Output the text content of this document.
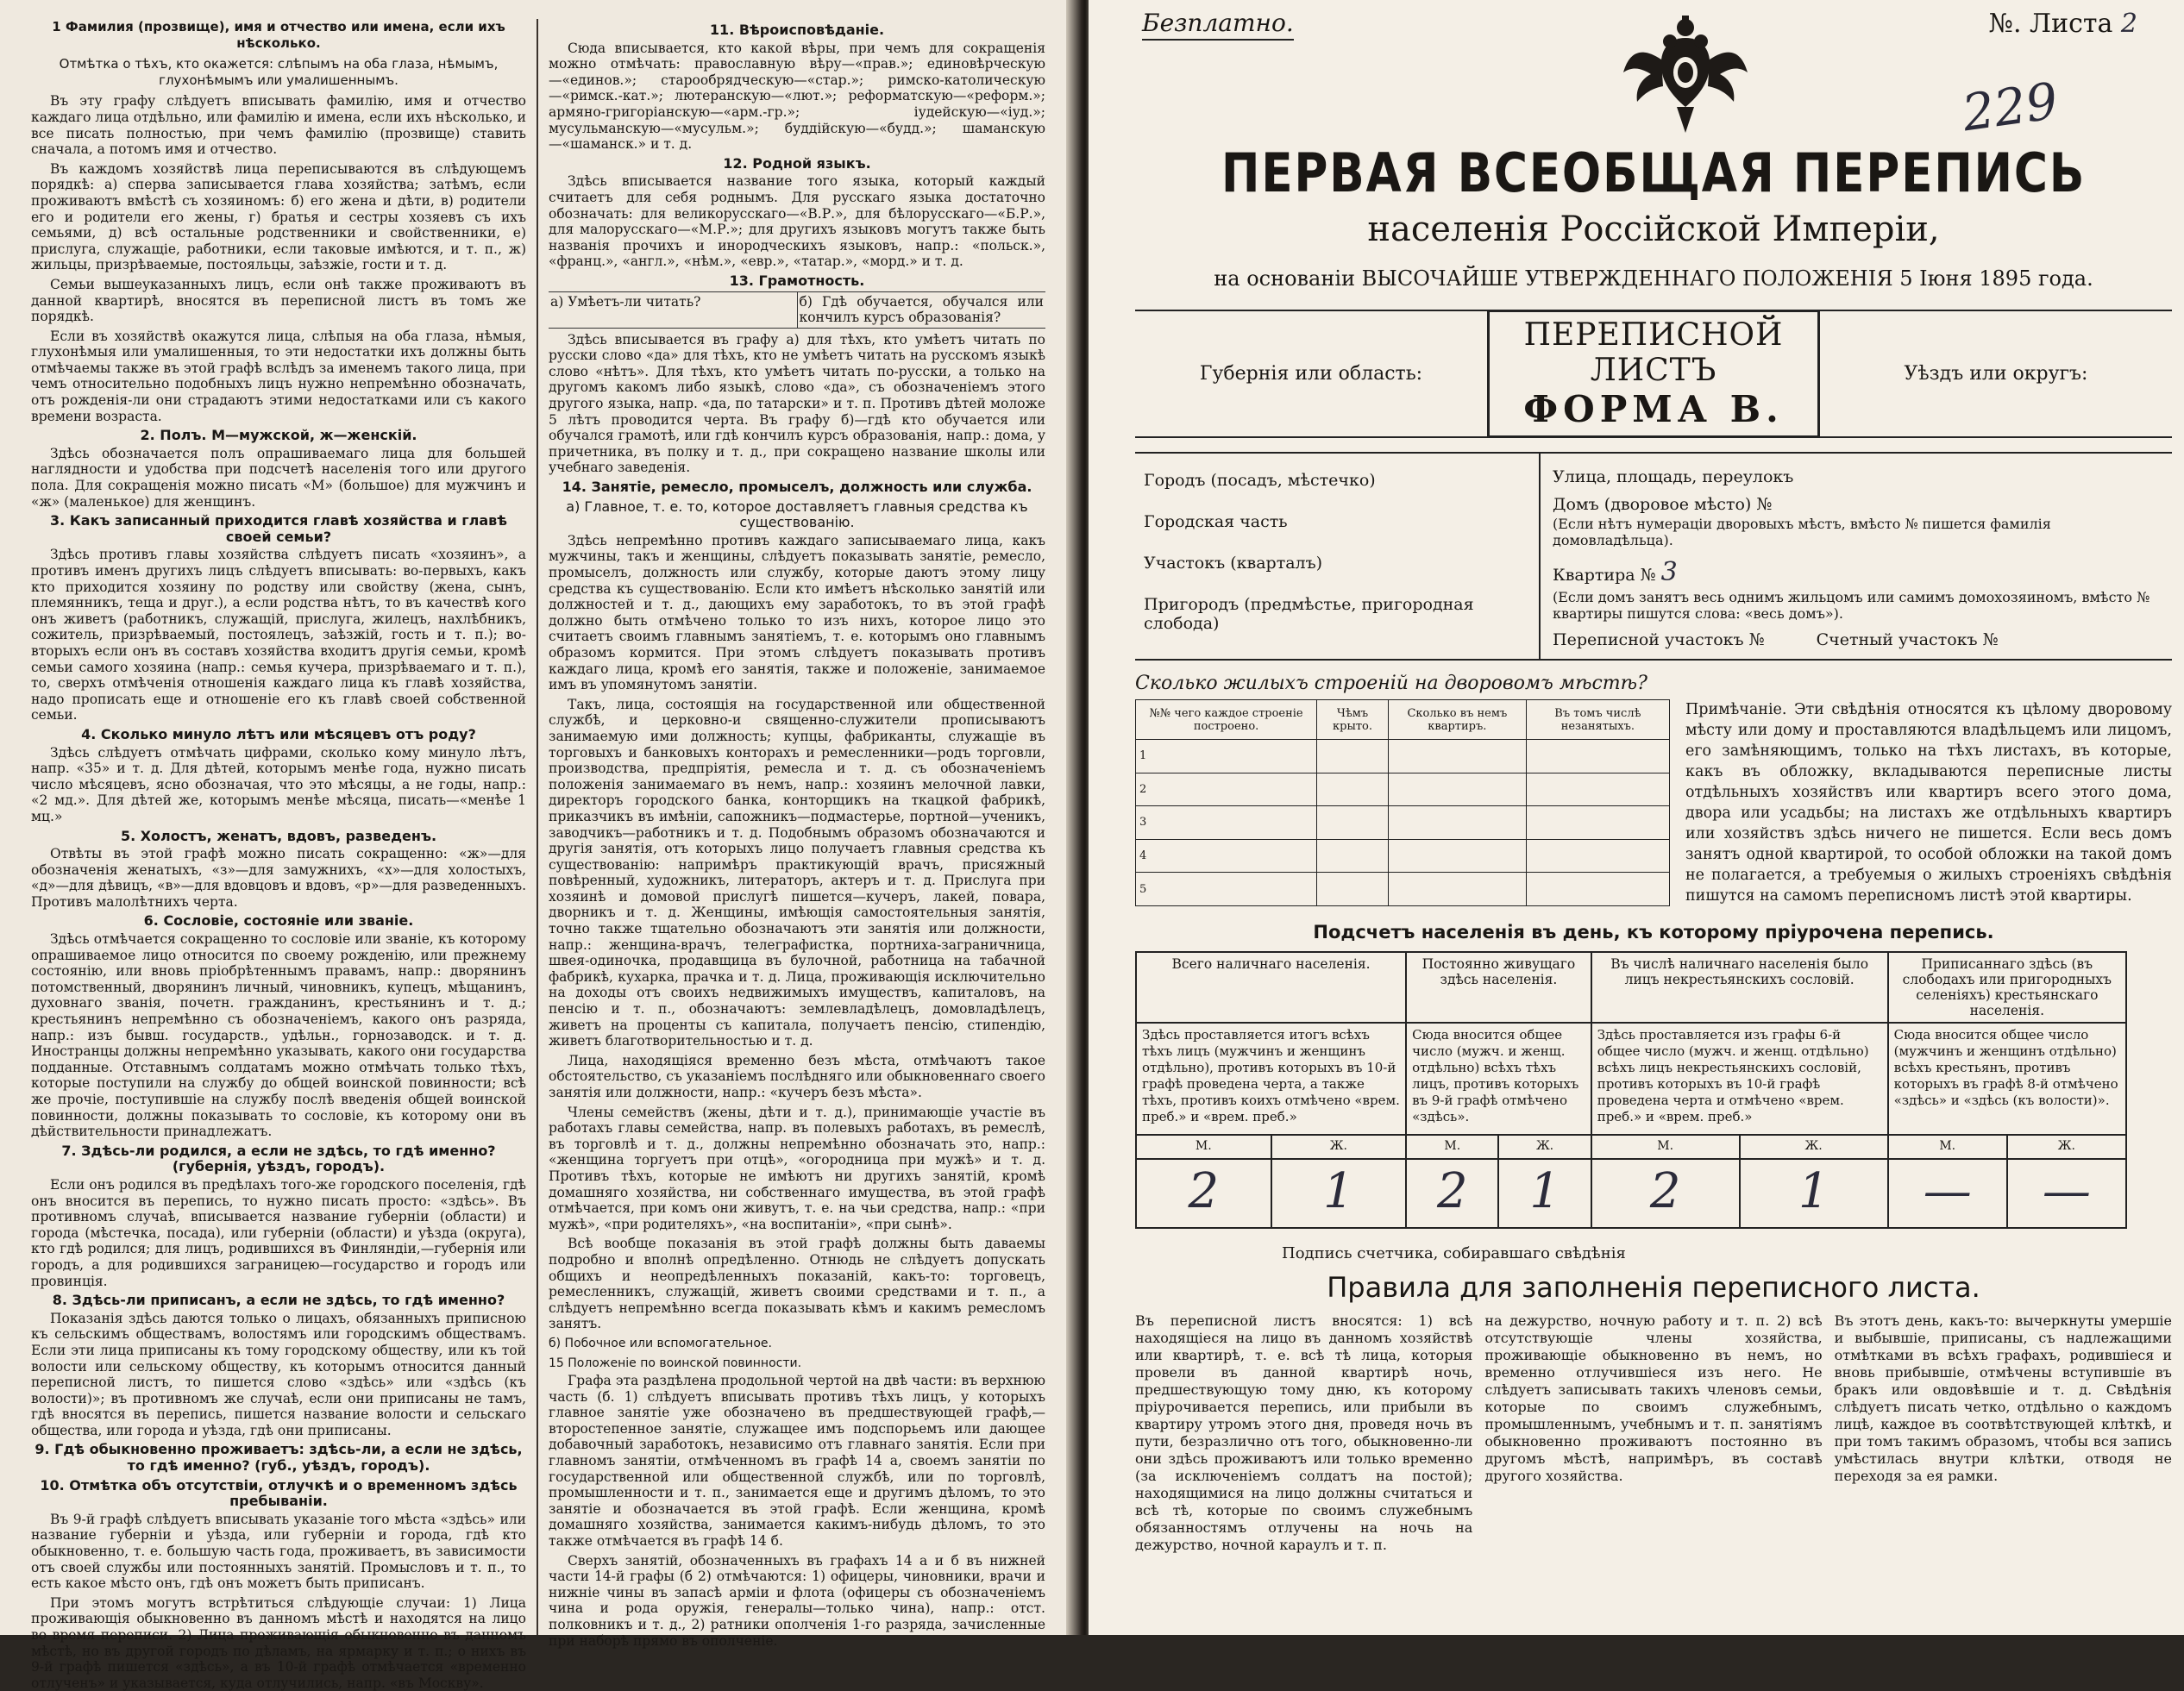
1 Фамилия (прозвище), имя и отчество или имена, если ихъ нѣсколько.
Отмѣтка о тѣхъ, кто окажется: слѣпымъ на оба глаза, нѣмымъ, глухонѣмымъ или умалишеннымъ.

Въ эту графу слѣдуетъ вписывать фамилію, имя и отчество каждаго лица отдѣльно, или фамилію и имена, если ихъ нѣсколько, и все писать полностью, при чемъ фамилію (прозвище) ставить сначала, а потомъ имя и отчество.

Въ каждомъ хозяйствѣ лица переписываются въ слѣдующемъ порядкѣ: а) сперва записывается глава хозяйства; затѣмъ, если проживаютъ вмѣстѣ съ хозяиномъ: б) его жена и дѣти, в) родители его и родители его жены, г) братья и сестры хозяевъ съ ихъ семьями, д) всѣ остальные родственники и свойственники, е) прислуга, служащіе, работники, если таковые имѣются, и т. п., ж) жильцы, призрѣваемые, постояльцы, заѣзжіе, гости и т. д.

Семьи вышеуказанныхъ лицъ, если онѣ также проживаютъ въ данной квартирѣ, вносятся въ переписной листъ въ томъ же порядкѣ.

Если въ хозяйствѣ окажутся лица, слѣпыя на оба глаза, нѣмыя, глухонѣмыя или умалишенныя, то эти недостатки ихъ должны быть отмѣчаемы также въ этой графѣ вслѣдъ за именемъ такого лица, при чемъ относительно подобныхъ лицъ нужно непремѣнно обозначать, отъ рожденія-ли они страдаютъ этими недостатками или съ какого времени возраста.

2. Полъ. М—мужской, ж—женскій.

Здѣсь обозначается полъ опрашиваемаго лица для большей наглядности и удобства при подсчетѣ населенія того или другого пола. Для сокращенія можно писать «М» (большое) для мужчинъ и «ж» (маленькое) для женщинъ.

3. Какъ записанный приходится главѣ хозяйства и главѣ своей семьи?

Здѣсь противъ главы хозяйства слѣдуетъ писать «хозяинъ», а противъ именъ другихъ лицъ слѣдуетъ вписывать: во-первыхъ, какъ кто приходится хозяину по родству или свойству (жена, сынъ, племянникъ, теща и друг.), а если родства нѣтъ, то въ качествѣ кого онъ живетъ (работникъ, служащій, прислуга, жилецъ, нахлѣбникъ, сожитель, призрѣваемый, постоялецъ, заѣзжій, гость и т. п.); во-вторыхъ если онъ въ составъ хозяйства входитъ другія семьи, кромѣ семьи самого хозяина (напр.: семья кучера, призрѣваемаго и т. п.), то, сверхъ отмѣченія отношенія каждаго лица къ главѣ хозяйства, надо прописать еще и отношеніе его къ главѣ своей собственной семьи.

4. Сколько минуло лѣтъ или мѣсяцевъ отъ роду?

Здѣсь слѣдуетъ отмѣчать цифрами, сколько кому минуло лѣтъ, напр. «35» и т. д. Для дѣтей, которымъ менѣе года, нужно писать число мѣсяцевъ, ясно обозначая, что это мѣсяцы, а не годы, напр.: «2 мд.». Для дѣтей же, которымъ менѣе мѣсяца, писать—«менѣе 1 мц.»

5. Холостъ, женатъ, вдовъ, разведенъ.

Отвѣты въ этой графѣ можно писать сокращенно: «ж»—для обозначенія женатыхъ, «з»—для замужнихъ, «х»—для холостыхъ, «д»—для дѣвицъ, «в»—для вдовцовъ и вдовъ, «р»—для разведенныхъ. Противъ малолѣтнихъ черта.

6. Сословіе, состояніе или званіе.

Здѣсь отмѣчается сокращенно то сословіе или званіе, къ которому опрашиваемое лицо относится по своему рожденію, или прежнему состоянію, или вновь пріобрѣтеннымъ правамъ, напр.: дворянинъ потомственный, дворянинъ личный, чиновникъ, купецъ, мѣщанинъ, духовнаго званія, почетн. гражданинъ, крестьянинъ и т. д.; крестьянинъ непремѣнно съ обозначеніемъ, какого онъ разряда, напр.: изъ бывш. государств., удѣльн., горнозаводск. и т. д. Иностранцы должны непремѣнно указывать, какого они государства подданные. Отставнымъ солдатамъ можно отмѣчать только тѣхъ, которые поступили на службу до общей воинской повинности; всѣ же прочіе, поступившіе на службу послѣ введенія общей воинской повинности, должны показывать то сословіе, къ которому они въ дѣйствительности принадлежатъ.

7. Здѣсь-ли родился, а если не здѣсь, то гдѣ именно? (губернія, уѣздъ, городъ).

Если онъ родился въ предѣлахъ того-же городского поселенія, гдѣ онъ вносится въ перепись, то нужно писать просто: «здѣсь». Въ противномъ случаѣ, вписывается название губерніи (области) и города (мѣстечка, посада), или губерніи (области) и уѣзда (округа), кто гдѣ родился; для лицъ, родившихся въ Финляндіи,—губернія или городъ, а для родившихся заграницею—государство и городъ или провинція.

8. Здѣсь-ли приписанъ, а если не здѣсь, то гдѣ именно?

Показанія здѣсь даются только о лицахъ, обязанныхъ приписною къ сельскимъ обществамъ, волостямъ или городскимъ обществамъ. Если эти лица приписаны къ тому городскому обществу, или къ той волости или сельскому обществу, къ которымъ относится данный переписной листъ, то пишется слово «здѣсь» или «здѣсь (къ волости)»; въ противномъ же случаѣ, если они приписаны не тамъ, гдѣ вносятся въ перепись, пишется название волости и сельскаго общества, или города и уѣзда, гдѣ они приписаны.

9. Гдѣ обыкновенно проживаетъ: здѣсь-ли, а если не здѣсь, то гдѣ именно? (губ., уѣздъ, городъ).
10. Отмѣтка объ отсутствіи, отлучкѣ и о временномъ здѣсь пребываніи.

Въ 9-й графѣ слѣдуетъ вписывать указаніе того мѣста «здѣсь» или название губерніи и уѣзда, или губерніи и города, гдѣ кто обыкновенно, т. е. большую часть года, проживаетъ, въ зависимости отъ своей службы или постоянныхъ занятій. Промысловъ и т. п., то есть какое мѣсто онъ, гдѣ онъ можетъ быть приписанъ.

При этомъ могутъ встрѣтиться слѣдующіе случаи: 1) Лица проживающія обыкновенно въ данномъ мѣстѣ и находятся на лицо во время переписи. 2) Лица проживающія обыкновенно въ данномъ мѣстѣ, но въ другой городъ по дѣламъ, на ярмарку и т. п.; о нихъ въ 9-й графѣ пишется «здѣсь», а въ 10-й графѣ отмѣчается «временно отлученъ» и указывается, куда отлучились, напр. «въ Москву».

11. Вѣроисповѣданіе.

Сюда вписывается, кто какой вѣры, при чемъ для сокращенія можно отмѣчать: православную вѣру—«прав.»; единовѣрческую—«единов.»; старообрядческую—«стар.»; римско-католическую—«римск.-кат.»; лютеранскую—«лют.»; реформатскую—«реформ.»; армяно-григоріанскую—«арм.-гр.»; іудейскую—«іуд.»; мусульманскую—«мусульм.»; буддійскую—«будд.»; шаманскую—«шаманск.» и т. д.

12. Родной языкъ.

Здѣсь вписывается название того языка, который каждый считаетъ для себя роднымъ. Для русскаго языка достаточно обозначать: для великорусскаго—«В.Р.», для бѣлорусскаго—«Б.Р.», для малорусскаго—«М.Р.»; для другихъ языковъ могутъ также быть названія прочихъ и инородческихъ языковъ, напр.: «польск.», «франц.», «англ.», «нѣм.», «евр.», «татар.», «морд.» и т. д.

13. Грамотность.
а) Умѣетъ-ли читать?	б) Гдѣ обучается, обучался или кончилъ курсъ образованія?

Здѣсь вписывается въ графу а) для тѣхъ, кто умѣетъ читать по русски слово «да» для тѣхъ, кто не умѣетъ читать на русскомъ языкѣ слово «нѣтъ». Для тѣхъ, кто умѣетъ читать по-русски, а только на другомъ какомъ либо языкѣ, слово «да», съ обозначеніемъ этого другого языка, напр. «да, по татарски» и т. п. Противъ дѣтей моложе 5 лѣтъ проводится черта. Въ графу б)—гдѣ кто обучается или обучался грамотѣ, или гдѣ кончилъ курсъ образованія, напр.: дома, у причетника, въ полку и т. д., при сокращено название школы или учебнаго заведенія.

14. Занятіе, ремесло, промыселъ, должность или служба.
а) Главное, т. е. то, которое доставляетъ главныя средства къ существованію.

Здѣсь непремѣнно противъ каждаго записываемаго лица, какъ мужчины, такъ и женщины, слѣдуетъ показывать занятіе, ремесло, промыселъ, должность или службу, которые даютъ этому лицу средства къ существованію. Если кто имѣетъ нѣсколько занятій или должностей и т. д., дающихъ ему заработокъ, то въ этой графѣ должно быть отмѣчено только то изъ нихъ, которое лицо это считаетъ своимъ главнымъ занятіемъ, т. е. которымъ оно главнымъ образомъ кормится. При этомъ слѣдуетъ показывать противъ каждаго лица, кромѣ его занятія, также и положеніе, занимаемое имъ въ упомянутомъ занятіи.

Такъ, лица, состоящія на государственной или общественной службѣ, и церковно-и священно-служители прописываютъ занимаемую ими должность; купцы, фабриканты, служащіе въ торговыхъ и банковыхъ конторахъ и ремесленники—родъ торговли, производства, предпріятія, ремесла и т. д. съ обозначеніемъ положенія занимаемаго въ немъ, напр.: хозяинъ мелочной лавки, директоръ городского банка, конторщикъ на ткацкой фабрикѣ, приказчикъ въ имѣніи, сапожникъ—подмастерье, портной—ученикъ, заводчикъ—работникъ и т. д. Подобнымъ образомъ обозначаются и другія занятія, отъ которыхъ лицо получаетъ главныя средства къ существованію: напримѣръ практикующій врачъ, присяжный повѣренный, художникъ, литераторъ, актеръ и т. д. Прислуга при хозяинѣ и домовой прислугѣ пишется—кучеръ, лакей, повара, дворникъ и т. д. Женщины, имѣющія самостоятельныя занятія, точно также тщательно обозначаютъ эти занятія или должности, напр.: женщина-врачъ, телеграфистка, портниха-заграничница, швея-одиночка, продавщица въ булочной, работница на табачной фабрикѣ, кухарка, прачка и т. д. Лица, проживающія исключительно на доходы отъ своихъ недвижимыхъ имуществъ, капиталовъ, на пенсію и т. п., обозначаютъ: землевладѣлецъ, домовладѣлецъ, живетъ на проценты съ капитала, получаетъ пенсію, стипендію, живетъ благотворительностью и т. д.

Лица, находящіяся временно безъ мѣста, отмѣчаютъ такое обстоятельство, съ указаніемъ послѣдняго или обыкновеннаго своего занятія или должности, напр.: «кучеръ безъ мѣста».

Члены семействъ (жены, дѣти и т. д.), принимающіе участіе въ работахъ главы семейства, напр. въ полевыхъ работахъ, въ ремеслѣ, въ торговлѣ и т. д., должны непремѣнно обозначать это, напр.: «женщина торгуетъ при отцѣ», «огородница при мужѣ» и т. д. Противъ тѣхъ, которые не имѣютъ ни другихъ занятій, кромѣ домашняго хозяйства, ни собственнаго имущества, въ этой графѣ отмѣчается, при комъ они живутъ, т. е. на чьи средства, напр.: «при мужѣ», «при родителяхъ», «на воспитаніи», «при сынѣ».

Всѣ вообще показанія въ этой графѣ должны быть даваемы подробно и вполнѣ опредѣленно. Отнюдь не слѣдуетъ допускать общихъ и неопредѣленныхъ показаній, какъ-то: торговецъ, ремесленникъ, служащій, живетъ своими средствами и т. п., а слѣдуетъ непремѣнно всегда показывать кѣмъ и какимъ ремесломъ занятъ.

б) Побочное или вспомогательное.
15 Положеніе по воинской повинности.

Графа эта раздѣлена продольной чертой на двѣ части: въ верхнюю часть (б. 1) слѣдуетъ вписывать противъ тѣхъ лицъ, у которыхъ главное занятіе уже обозначено въ предшествующей графѣ,—второстепенное занятіе, служащее имъ подспорьемъ или дающее добавочный заработокъ, независимо отъ главнаго занятія. Если при главномъ занятіи, отмѣченномъ въ графѣ 14 а, своемъ занятіи по государственной или общественной службѣ, или по торговлѣ, промышленности и т. п., занимается еще и другимъ дѣломъ, то это занятіе и обозначается въ этой графѣ. Если женщина, кромѣ домашняго хозяйства, занимается какимъ-нибудь дѣломъ, то это также отмѣчается въ графѣ 14 б.

Сверхъ занятій, обозначенныхъ въ графахъ 14 а и б въ нижней части 14-й графы (б 2) отмѣчаются: 1) офицеры, чиновники, врачи и нижніе чины въ запасѣ арміи и флота (офицеры съ обозначеніемъ чина и рода оружія, генералы—только чина), напр.: отст. полковникъ и т. д., 2) ратники ополченія 1-го разряда, зачисленные при наборѣ прямо въ ополченіе.

Безплатно.	№. Листа 2
229
ПЕРВАЯ ВСЕОБЩАЯ ПЕРЕПИСЬ
населенія Россійской Имперіи,
на основаніи ВЫСОЧАЙШЕ УТВЕРЖДЕННАГО ПОЛОЖЕНІЯ 5 Іюня 1895 года.
Губернія или область:
ПЕРЕПИСНОЙ ЛИСТЪ
ФОРМА В.
Уѣздъ или округъ:
Городъ (посадъ, мѣстечко)
Городская часть
Участокъ (кварталъ)
Пригородъ (предмѣстье, пригородная слобода)
Улица, площадь, переулокъ
Домъ (дворовое мѣсто) №
(Если нѣтъ нумераціи дворовыхъ мѣстъ, вмѣсто № пишется фамилія домовладѣльца).
Квартира № 3
(Если домъ занятъ весь однимъ жильцомъ или самимъ домохозяиномъ, вмѣсто № квартиры пишутся слова: «весь домъ»).
Переписной участокъ №	Счетный участокъ №
Сколько жилыхъ строеній на дворовомъ мѣстѣ?
№№ чего каждое строеніе построено.	Чѣмъ крыто.	Сколько въ немъ квартиръ.	Въ томъ числѣ незанятыхъ.
1			
2			
3			
4			
5			
Примѣчаніе. Эти свѣдѣнія относятся къ цѣлому дворовому мѣсту или дому и проставляются владѣльцемъ или лицомъ, его замѣняющимъ, только на тѣхъ листахъ, въ которые, какъ въ обложку, вкладываются переписные листы отдѣльныхъ хозяйствъ или квартиръ всего этого дома, двора или усадьбы; на листахъ же отдѣльныхъ квартиръ или хозяйствъ здѣсь ничего не пишется. Если весь домъ занятъ одной квартирой, то особой обложки на такой домъ не полагается, а требуемыя о жилыхъ строеніяхъ свѣдѣнія пишутся на самомъ переписномъ листѣ этой квартиры.
Подсчетъ населенія въ день, къ которому пріурочена перепись.
Всего наличнаго населенія.		Постоянно живущаго здѣсь населенія.		Въ числѣ наличнаго населенія было лицъ некрестьянскихъ сословій.		Приписаннаго здѣсь (въ слободахъ или пригородныхъ селеніяхъ) крестьянскаго населенія.	
Здѣсь проставляется итогъ всѣхъ тѣхъ лицъ (мужчинъ и женщинъ отдѣльно), противъ которыхъ въ 10-й графѣ проведена черта, а также тѣхъ, противъ коихъ отмѣчено «врем. преб.» и «врем. преб.»		Сюда вносится общее число (мужч. и женщ. отдѣльно) всѣхъ тѣхъ лицъ, противъ которыхъ въ 9-й графѣ отмѣчено «здѣсь».		Здѣсь проставляется изъ графы 6-й общее число (мужч. и женщ. отдѣльно) всѣхъ лицъ некрестьянскихъ сословій, противъ которыхъ въ 10-й графѣ проведена черта и отмѣчено «врем. преб.» и «врем. преб.»		Сюда вносится общее число (мужчинъ и женщинъ отдѣльно) всѣхъ крестьянъ, противъ которыхъ въ графѣ 8-й отмѣчено «здѣсь» и «здѣсь (къ волости)».	
М.	Ж.	М.	Ж.	М.	Ж.	М.	Ж.
2	1	2	1	2	1	—	—
Подпись счетчика, собиравшаго свѣдѣнія
Правила для заполненія переписного листа.
Въ переписной листъ вносятся: 1) всѣ находящіеся на лицо въ данномъ хозяйствѣ или квартирѣ, т. е. всѣ тѣ лица, которыя провели въ данной квартирѣ ночь, предшествующую тому дню, къ которому пріурочивается перепись, или прибыли въ квартиру утромъ этого дня, проведя ночь въ пути, безразлично отъ того, обыкновенно-ли они здѣсь проживаютъ или только временно (за исключеніемъ солдатъ на постой); находящимися на лицо должны считаться и всѣ тѣ, которые по своимъ служебнымъ обязанностямъ отлучены на ночь на дежурство, ночной караулъ и т. п.
на дежурство, ночную работу и т. п. 2) всѣ отсутствующіе члены хозяйства, проживающіе обыкновенно въ немъ, но временно отлучившіеся изъ него. Не слѣдуетъ записывать такихъ членовъ семьи, которые по своимъ служебнымъ, промышленнымъ, учебнымъ и т. п. занятіямъ обыкновенно проживаютъ постоянно въ другомъ мѣстѣ, напримѣръ, въ составѣ другого хозяйства.
Въ этотъ день, какъ-то: вычеркнуты умершіе и выбывшіе, приписаны, съ надлежащими отмѣтками въ всѣхъ графахъ, родившіеся и вновь прибывшіе, отмѣчены вступившіе въ бракъ или овдовѣвшіе и т. д. Свѣдѣнія слѣдуетъ писать четко, отдѣльно о каждомъ лицѣ, каждое въ соотвѣтствующей клѣткѣ, и при томъ такимъ образомъ, чтобы вся запись умѣстилась внутри клѣтки, отводя не переходя за ея рамки.
